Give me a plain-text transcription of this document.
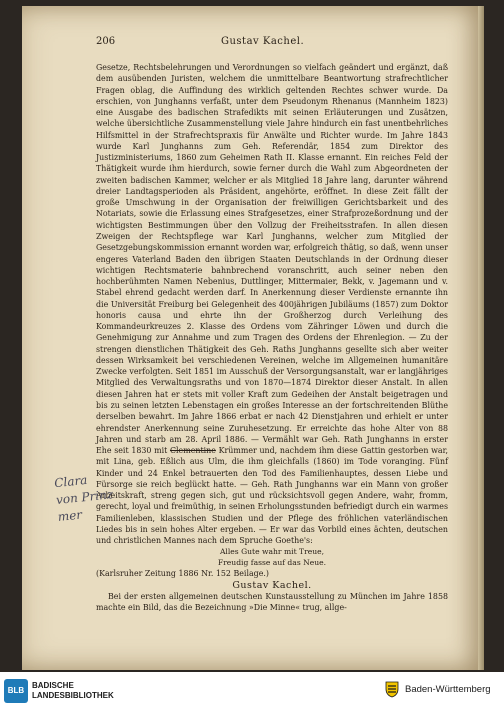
206	Gustav Kachel.

Gesetze, Rechtsbelehrungen und Verordnungen so vielfach geändert und ergänzt, daß dem ausübenden Juristen, welchem die unmittelbare Beantwortung strafrechtlicher Fragen oblag, die Auffindung des wirklich geltenden Rechtes schwer wurde. Da erschien, von Junghanns verfaßt, unter dem Pseudonym Rhenanus (Mannheim 1823) eine Ausgabe des badischen Strafedikts mit seinen Erläuterungen und Zusätzen, welche übersichtliche Zusammenstellung viele Jahre hindurch ein fast unentbehrliches Hilfsmittel in der Strafrechtspraxis für Anwälte und Richter wurde. Im Jahre 1843 wurde Karl Junghanns zum Geh. Referendär, 1854 zum Direktor des Justizministeriums, 1860 zum Geheimen Rath II. Klasse ernannt. Ein reiches Feld der Thätigkeit wurde ihm hierdurch, sowie ferner durch die Wahl zum Abgeordneten der zweiten badischen Kammer, welcher er als Mitglied 18 Jahre lang, darunter während dreier Landtagsperioden als Präsident, angehörte, eröffnet. In diese Zeit fällt der große Umschwung in der Organisation der freiwilligen Gerichtsbarkeit und des Notariats, sowie die Erlassung eines Strafgesetzes, einer Strafprozeßordnung und der wichtigsten Bestimmungen über den Vollzug der Freiheitsstrafen. In allen diesen Zweigen der Rechtspflege war Karl Junghanns, welcher zum Mitglied der Gesetzgebungskommission ernannt worden war, erfolgreich thätig, so daß, wenn unser engeres Vaterland Baden den übrigen Staaten Deutschlands in der Ordnung dieser wichtigen Rechtsmaterie bahnbrechend voranschritt, auch seiner neben den hochberühmten Namen Nebenius, Duttlinger, Mittermaier, Bekk, v. Jagemann und v. Stabel ehrend gedacht werden darf. In Anerkennung dieser Verdienste ernannte ihn die Universität Freiburg bei Gelegenheit des 400jährigen Jubiläums (1857) zum Doktor honoris causa und ehrte ihn der Großherzog durch Verleihung des Kommandeurkreuzes 2. Klasse des Ordens vom Zähringer Löwen und durch die Genehmigung zur Annahme und zum Tragen des Ordens der Ehrenlegion. — Zu der strengen dienstlichen Thätigkeit des Geh. Raths Junghanns gesellte sich aber weiter dessen Wirksamkeit bei verschiedenen Vereinen, welche im Allgemeinen humanitäre Zwecke verfolgten. Seit 1851 im Ausschuß der Versorgungsanstalt, war er langjähriges Mitglied des Verwaltungsraths und von 1870—1874 Direktor dieser Anstalt. In allen diesen Jahren hat er stets mit voller Kraft zum Gedeihen der Anstalt beigetragen und bis zu seinen letzten Lebenstagen ein großes Interesse an der fortschreitenden Blüthe derselben bewahrt. Im Jahre 1866 erbat er nach 42 Dienstjahren und erhielt er unter ehrendster Anerkennung seine Zuruhesetzung. Er erreichte das hohe Alter von 88 Jahren und starb am 28. April 1886. — Vermählt war Geh. Rath Junghanns in erster Ehe seit 1830 mit Clementine Krümmer und, nachdem ihm diese Gattin gestorben war, mit Lina, geb. Eßlich aus Ulm, die ihm gleichfalls (1860) im Tode voranging. Fünf Kinder und 24 Enkel betrauerten den Tod des Familienhauptes, dessen Liebe und Fürsorge sie reich beglückt hatte. — Geh. Rath Junghanns war ein Mann von großer Arbeitskraft, streng gegen sich, gut und rücksichtsvoll gegen Andere, wahr, fromm, gerecht, loyal und freimüthig, in seinen Erholungsstunden befriedigt durch ein warmes Familienleben, klassischen Studien und der Pflege des fröhlichen vaterländischen Liedes bis in sein hohes Alter ergeben. — Er war das Vorbild eines ächten, deutschen und christlichen Mannes nach dem Spruche Goethe's:

Alles Gute wahr mit Treue,

Freudig fasse auf das Neue.

(Karlsruher Zeitung 1886 Nr. 152 Beilage.)

Gustav Kachel.

Bei der ersten allgemeinen deutschen Kunstausstellung zu München im Jahre 1858 machte ein Bild, das die Bezeichnung »Die Minne« trug, allge-

Clara
von Prinz
mer
BLB
BADISCHE
LANDESBIBLIOTHEK
Baden-Württemberg
